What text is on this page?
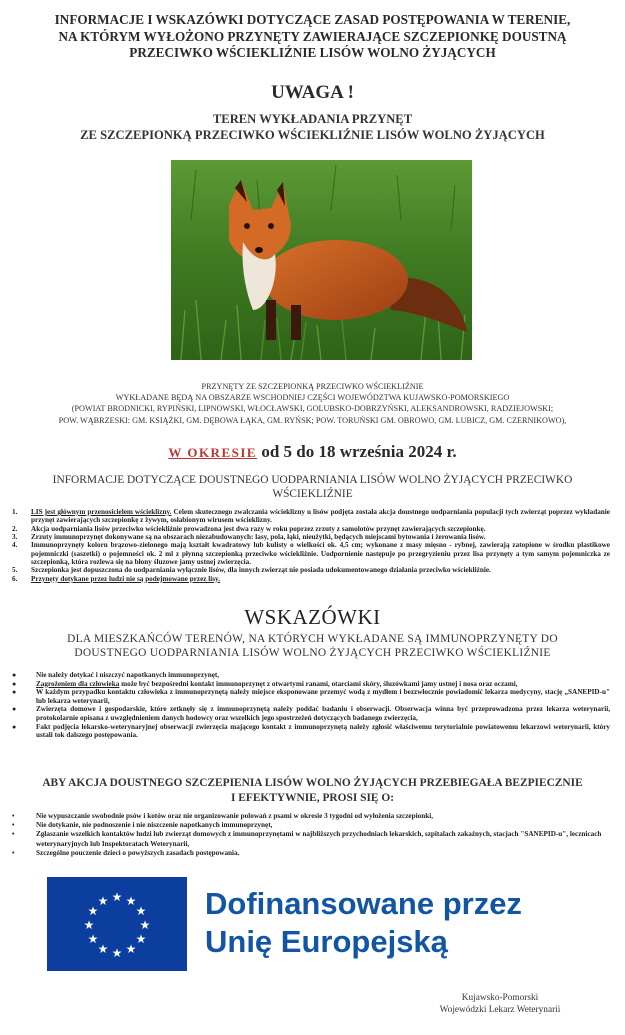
INFORMACJE I WSKAZÓWKI DOTYCZĄCE ZASAD POSTĘPOWANIA W TERENIE,
NA KTÓRYM WYŁOŻONO PRZYNĘTY ZAWIERAJĄCE SZCZEPIONKĘ DOUSTNĄ
PRZECIWKO WŚCIEKLIŹNIE LISÓW WOLNO ŻYJĄCYCH
UWAGA !
TEREN WYKŁADANIA PRZYNĘT
ZE SZCZEPIONKĄ PRZECIWKO WŚCIEKLIŹNIE LISÓW WOLNO ŻYJĄCYCH
PRZYNĘTY ZE SZCZEPIONKĄ PRZECIWKO WŚCIEKLIŹNIE
WYKŁADANE BĘDĄ NA OBSZARZE WSCHODNIEJ CZĘŚCI WOJEWÓDZTWA KUJAWSKO-POMORSKIEGO
(POWIAT BRODNICKI, RYPIŃSKI, LIPNOWSKI, WŁOCŁAWSKI, GOLUBSKO-DOBRZYŃSKI, ALEKSANDROWSKI, RADZIEJOWSKI;
POW. WĄBRZESKI: GM. KSIĄŻKI, GM. DĘBOWA ŁĄKA, GM. RYŃSK; POW. TORUŃSKI GM. OBROWO, GM. LUBICZ, GM. CZERNIKOWO),
W OKRESIE od 5 do 18 września 2024 r.
INFORMACJE DOTYCZĄCE DOUSTNEGO UODPARNIANIA LISÓW WOLNO ŻYJĄCYCH PRZECIWKO WŚCIEKLIŹNIE
1.	LIS jest głównym przenosicielem wścieklizny. Celem skutecznego zwalczania wścieklizny u lisów podjęta została akcja doustnego uodparniania populacji tych zwierząt poprzez wykładanie przynęt zawierających szczepionkę z żywym, osłabionym wirusem wścieklizny.
2.	Akcja uodparniania lisów przeciwko wściekliźnie prowadzona jest dwa razy w roku poprzez zrzuty z samolotów przynęt zawierających szczepionkę.
3.	Zrzuty immunoprzynęt dokonywane są na obszarach niezabudowanych: lasy, pola, łąki, nieużytki, będących miejscami bytowania i żerowania lisów.
4.	Immunoprzynęty koloru brązowo-zielonego mają kształt kwadratowy lub kulisty o wielkości ok. 4,5 cm; wykonane z masy mięsno - rybnej, zawierają zatopione w środku plastikowe pojemniczki (saszetki) o pojemności ok. 2 ml z płynną szczepionką przeciwko wściekliźnie. Uodpornienie następuje po przegryzieniu przez lisa przynęty a tym samym pojemniczka ze szczepionką, która rozlewa się na błony śluzowe jamy ustnej zwierzęcia.
5.	Szczepionka jest dopuszczona do uodparniania wyłącznie lisów, dla innych zwierząt nie posiada udokumentowanego działania przeciwko wściekliźnie.
6.	Przynęty dotykane przez ludzi nie są podejmowane przez lisy.
WSKAZÓWKI
DLA MIESZKAŃCÓW TERENÓW, NA KTÓRYCH WYKŁADANE SĄ IMMUNOPRZYNĘTY DO DOUSTNEGO UODPARNIANIA LISÓW WOLNO ŻYJĄCYCH PRZECIWKO WŚCIEKLIŹNIE
●	Nie należy dotykać i niszczyć napotkanych immunoprzynęt,
●	Zagrożeniem dla człowieka może być bezpośredni kontakt immunoprzynęt z otwartymi ranami, otarciami skóry, śluzówkami jamy ustnej i nosa oraz oczami,
●	W każdym przypadku kontaktu człowieka z immunoprzynętą należy miejsce eksponowane przemyć wodą z mydłem i bezzwłocznie powiadomić lekarza medycyny, stację „SANEPID-u" lub lekarza weterynarii,
●	Zwierzęta domowe i gospodarskie, które zetknęły się z immunoprzynętą należy poddać badaniu i obserwacji. Obserwacja winna być przeprowadzona przez lekarza weterynarii, protokolarnie opisana z uwzględnieniem danych hodowcy oraz wszelkich jego spostrzeżeń dotyczących badanego zwierzęcia,
●	Fakt podjęcia lekarsko-weterynaryjnej obserwacji zwierzęcia mającego kontakt z immunoprzynętą należy zgłosić właściwemu terytorialnie powiatowemu lekarzowi weterynarii, który ustali tok dalszego postępowania.
ABY AKCJA DOUSTNEGO SZCZEPIENIA LISÓW WOLNO ŻYJĄCYCH PRZEBIEGAŁA BEZPIECZNIE I EFEKTYWNIE, PROSI SIĘ O:
•	Nie wypuszczanie swobodnie psów i kotów oraz nie organizowanie polowań z psami w okresie 3 tygodni od wyłożenia szczepionki,
•	Nie dotykanie, nie podnoszenie i nie niszczenie napotkanych immunoprzynęt,
•	Zgłaszanie wszelkich kontaktów ludzi lub zwierząt domowych z immunoprzynętami w najbliższych przychodniach lekarskich, szpitalach zakaźnych, stacjach "SANEPID-u", lecznicach weterynaryjnych lub Inspektoratach Weterynarii,
•	Szczególne pouczenie dzieci o powyższych zasadach postępowania.
★ ★
★
★
★
★
★
★
★
★
★
★	Dofinansowane przez
Unię Europejską
Kujawsko-Pomorski
Wojewódzki Lekarz Weterynarii
